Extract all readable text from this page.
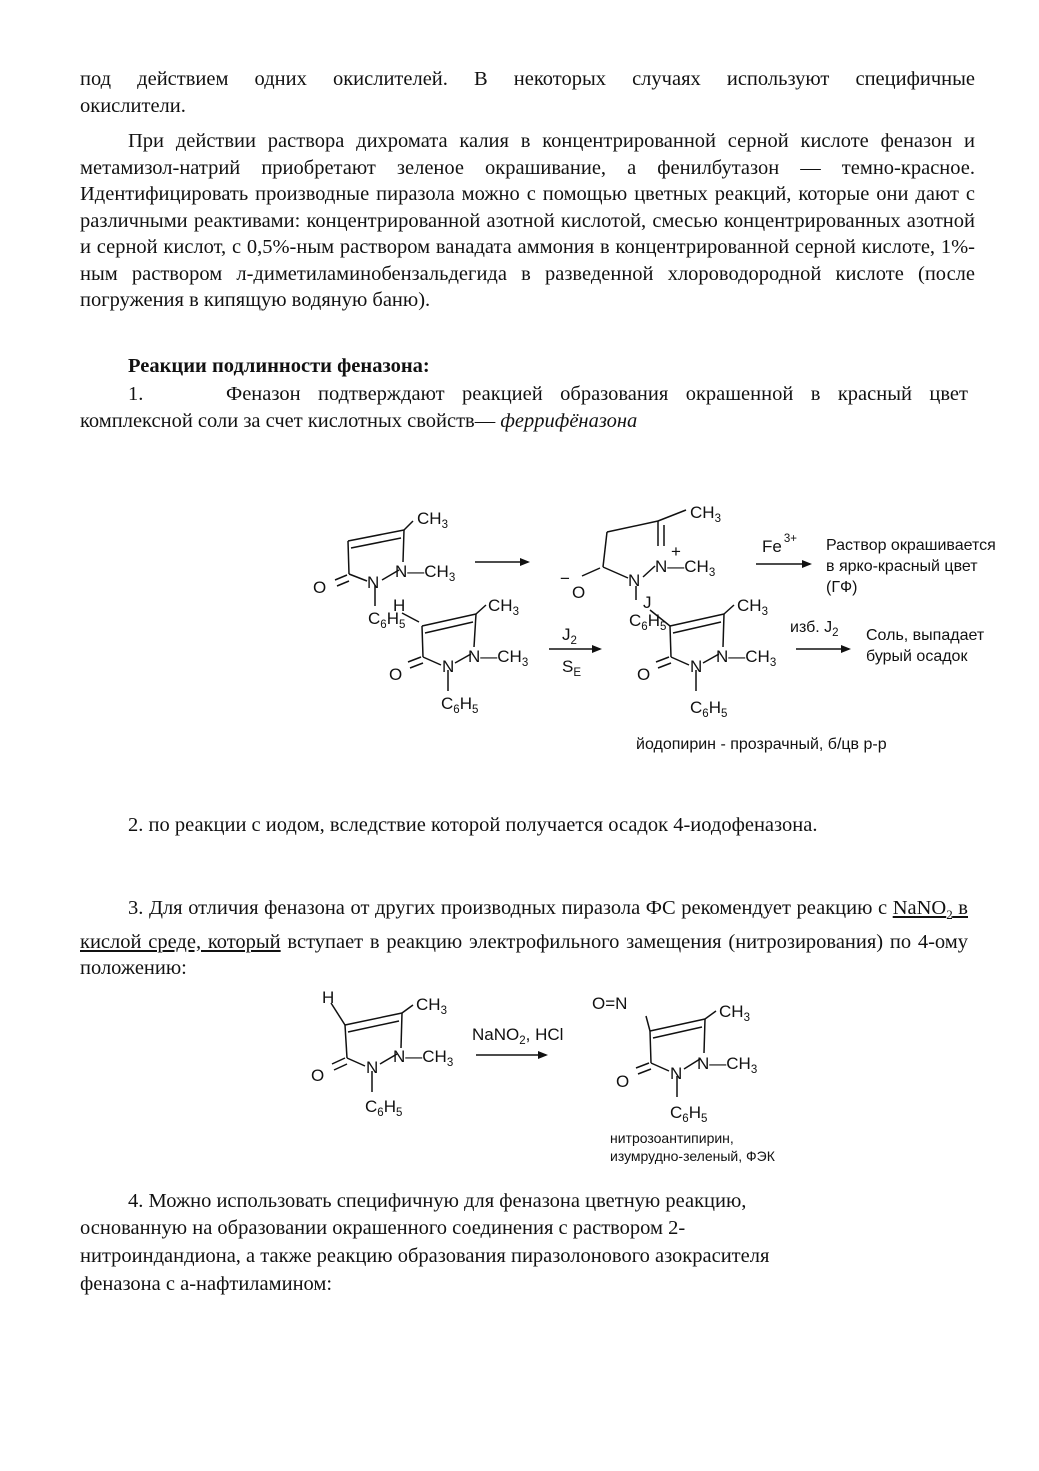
под действием одних окислителей. В некоторых случаях используют специфичные

окислители.

При действии раствора дихромата калия в концентрированной серной кислоте феназон и метамизол-натрий приобретают зеленое окрашивание, а фенилбутазон — темно-красное. Идентифицировать производные пиразола можно с помощью цветных реакций, которые они дают с различными реактивами: концентрированной азотной кислотой, смесью концентрированных азотной и серной кислот, с 0,5%-ным раствором ванадата аммония в концентрированной серной кислоте, 1%-ным раствором л-диметиламинобензальдегида в разведенной хлороводородной кислоте (после погружения в кипящую водяную баню).

Реакции подлинности феназона:

1.	Феназон подтверждают реакцией образования окрашенной в красный цвет комплексной соли за счет кислотных свойств— феррифёназона

$CH_3$
$N—CH_3$
N
O
$C_6H_5$
$CH_3$
+
$N—CH_3$
N
−
O
$C_6H_5$
Fe $^{3+}$ Раствор окрашивается
в ярко-красный цвет
(ГФ)
H	$CH_3$
$N—CH_3$
N
O
$C_6H_5$
$J_2$
$S_E$
J	$CH_3$
$N—CH_3$
N
O
$C_6H_5$
изб. $J_2$ Соль, выпадает
бурый осадок
йодопирин - прозрачный, б/цв р-р
H	$CH_3$
$N—CH_3$
N
O
$C_6H_5$
NaNO$_2$, HCl
O=N	$CH_3$
$N—CH_3$
N
O
$C_6H_5$
нитрозоантипирин,
изумрудно-зеленый, ФЭК

2. по реакции с иодом, вследствие которой получается осадок 4-иодофеназона.

3. Для отличия феназона от других производных пиразола ФС рекомендует реакцию с NaNO$_2$ в кислой среде, который вступает в реакцию электрофильного замещения (нитрозирования) по 4-ому положению:

4. Можно использовать специфичную для феназона цветную реакцию,

основанную на образовании окрашенного соединения с раствором 2-

нитроиндандиона, а также реакцию образования пиразолонового азокрасителя

феназона с а-нафтиламином:
